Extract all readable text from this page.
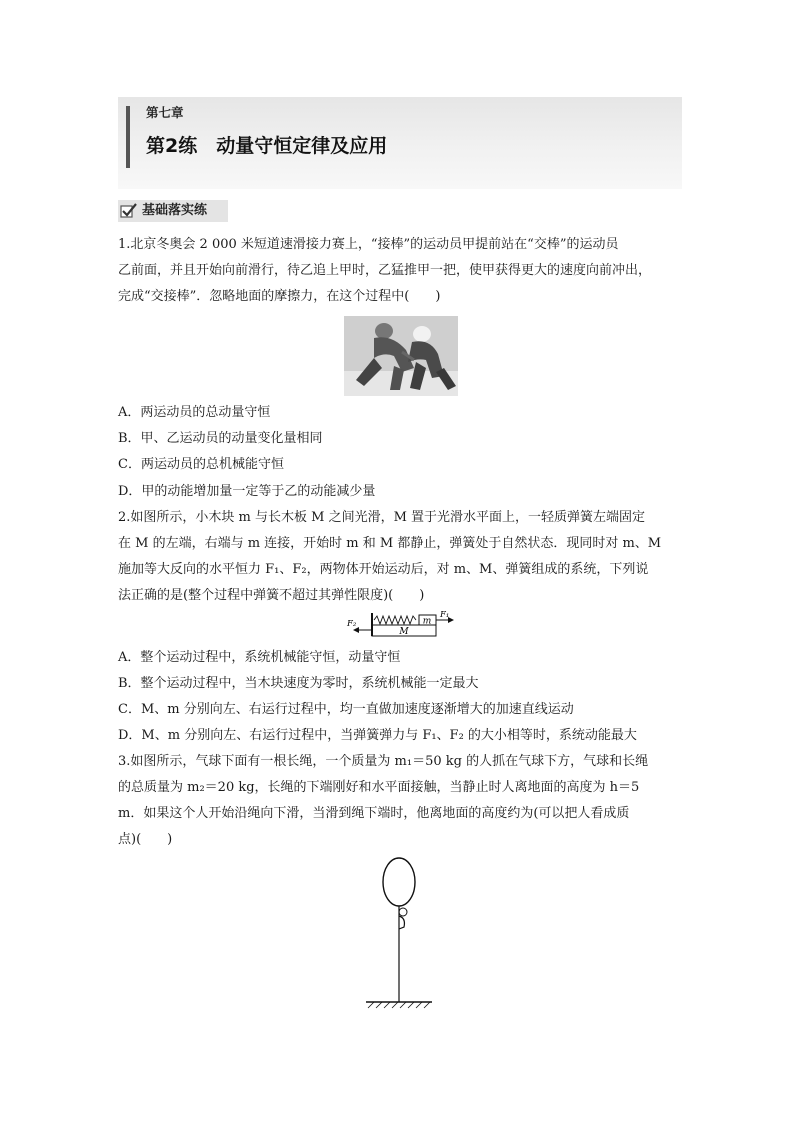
第七章
第2练　动量守恒定律及应用
基础落实练
1.北京冬奥会 2 000 米短道速滑接力赛上，“接棒”的运动员甲提前站在“交棒”的运动员
乙前面，并且开始向前滑行，待乙追上甲时，乙猛推甲一把，使甲获得更大的速度向前冲出，
完成“交接棒”．忽略地面的摩擦力，在这个过程中(　　)
A．两运动员的总动量守恒
B．甲、乙运动员的动量变化量相同
C．两运动员的总机械能守恒
D．甲的动能增加量一定等于乙的动能减少量
2.如图所示，小木块 m 与长木板 M 之间光滑，M 置于光滑水平面上，一轻质弹簧左端固定
在 M 的左端，右端与 m 连接，开始时 m 和 M 都静止，弹簧处于自然状态．现同时对 m、M
施加等大反向的水平恒力 F₁、F₂，两物体开始运动后，对 m、M、弹簧组成的系统，下列说
法正确的是(整个过程中弹簧不超过其弹性限度)(　　)
m
M
F₁
F₂
A．整个运动过程中，系统机械能守恒，动量守恒
B．整个运动过程中，当木块速度为零时，系统机械能一定最大
C．M、m 分别向左、右运行过程中，均一直做加速度逐渐增大的加速直线运动
D．M、m 分别向左、右运行过程中，当弹簧弹力与 F₁、F₂ 的大小相等时，系统动能最大
3.如图所示，气球下面有一根长绳，一个质量为 m₁＝50 kg 的人抓在气球下方，气球和长绳
的总质量为 m₂＝20 kg，长绳的下端刚好和水平面接触，当静止时人离地面的高度为 h＝5
m．如果这个人开始沿绳向下滑，当滑到绳下端时，他离地面的高度约为(可以把人看成质
点)(　　)
